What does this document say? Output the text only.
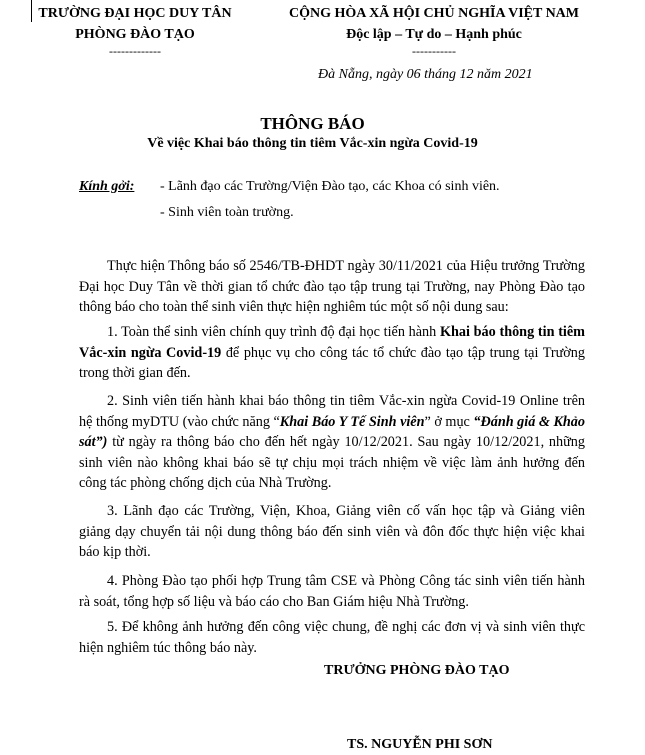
TRƯỜNG ĐẠI HỌC DUY TÂN
PHÒNG ĐÀO TẠO
-------------
CỘNG HÒA XÃ HỘI CHỦ NGHĨA VIỆT NAM
Độc lập – Tự do – Hạnh phúc
-----------
Đà Nẵng, ngày 06 tháng 12 năm 2021
THÔNG BÁO
Về việc Khai báo thông tin tiêm Vắc-xin ngừa Covid-19
Kính gởi: - Lãnh đạo các Trường/Viện Đào tạo, các Khoa có sinh viên.
- Sinh viên toàn trường.
Thực hiện Thông báo số 2546/TB-ĐHDT ngày 30/11/2021 của Hiệu trưởng Trường Đại học Duy Tân về thời gian tổ chức đào tạo tập trung tại Trường, nay Phòng Đào tạo thông báo cho toàn thể sinh viên thực hiện nghiêm túc một số nội dung sau:
1. Toàn thể sinh viên chính quy trình độ đại học tiến hành Khai báo thông tin tiêm Vắc-xin ngừa Covid-19 để phục vụ cho công tác tổ chức đào tạo tập trung tại Trường trong thời gian đến.
2. Sinh viên tiến hành khai báo thông tin tiêm Vắc-xin ngừa Covid-19 Online trên hệ thống myDTU (vào chức năng “Khai Báo Y Tế Sinh viên” ở mục “Đánh giá & Khảo sát”) từ ngày ra thông báo cho đến hết ngày 10/12/2021. Sau ngày 10/12/2021, những sinh viên nào không khai báo sẽ tự chịu mọi trách nhiệm về việc làm ảnh hưởng đến công tác phòng chống dịch của Nhà Trường.
3. Lãnh đạo các Trường, Viện, Khoa, Giảng viên cố vấn học tập và Giảng viên giảng dạy chuyển tải nội dung thông báo đến sinh viên và đôn đốc thực hiện việc khai báo kịp thời.
4. Phòng Đào tạo phối hợp Trung tâm CSE và Phòng Công tác sinh viên tiến hành rà soát, tổng hợp số liệu và báo cáo cho Ban Giám hiệu Nhà Trường.
5. Để không ảnh hưởng đến công việc chung, đề nghị các đơn vị và sinh viên thực hiện nghiêm túc thông báo này.
TRƯỞNG PHÒNG ĐÀO TẠO
TS. NGUYỄN PHI SƠN
